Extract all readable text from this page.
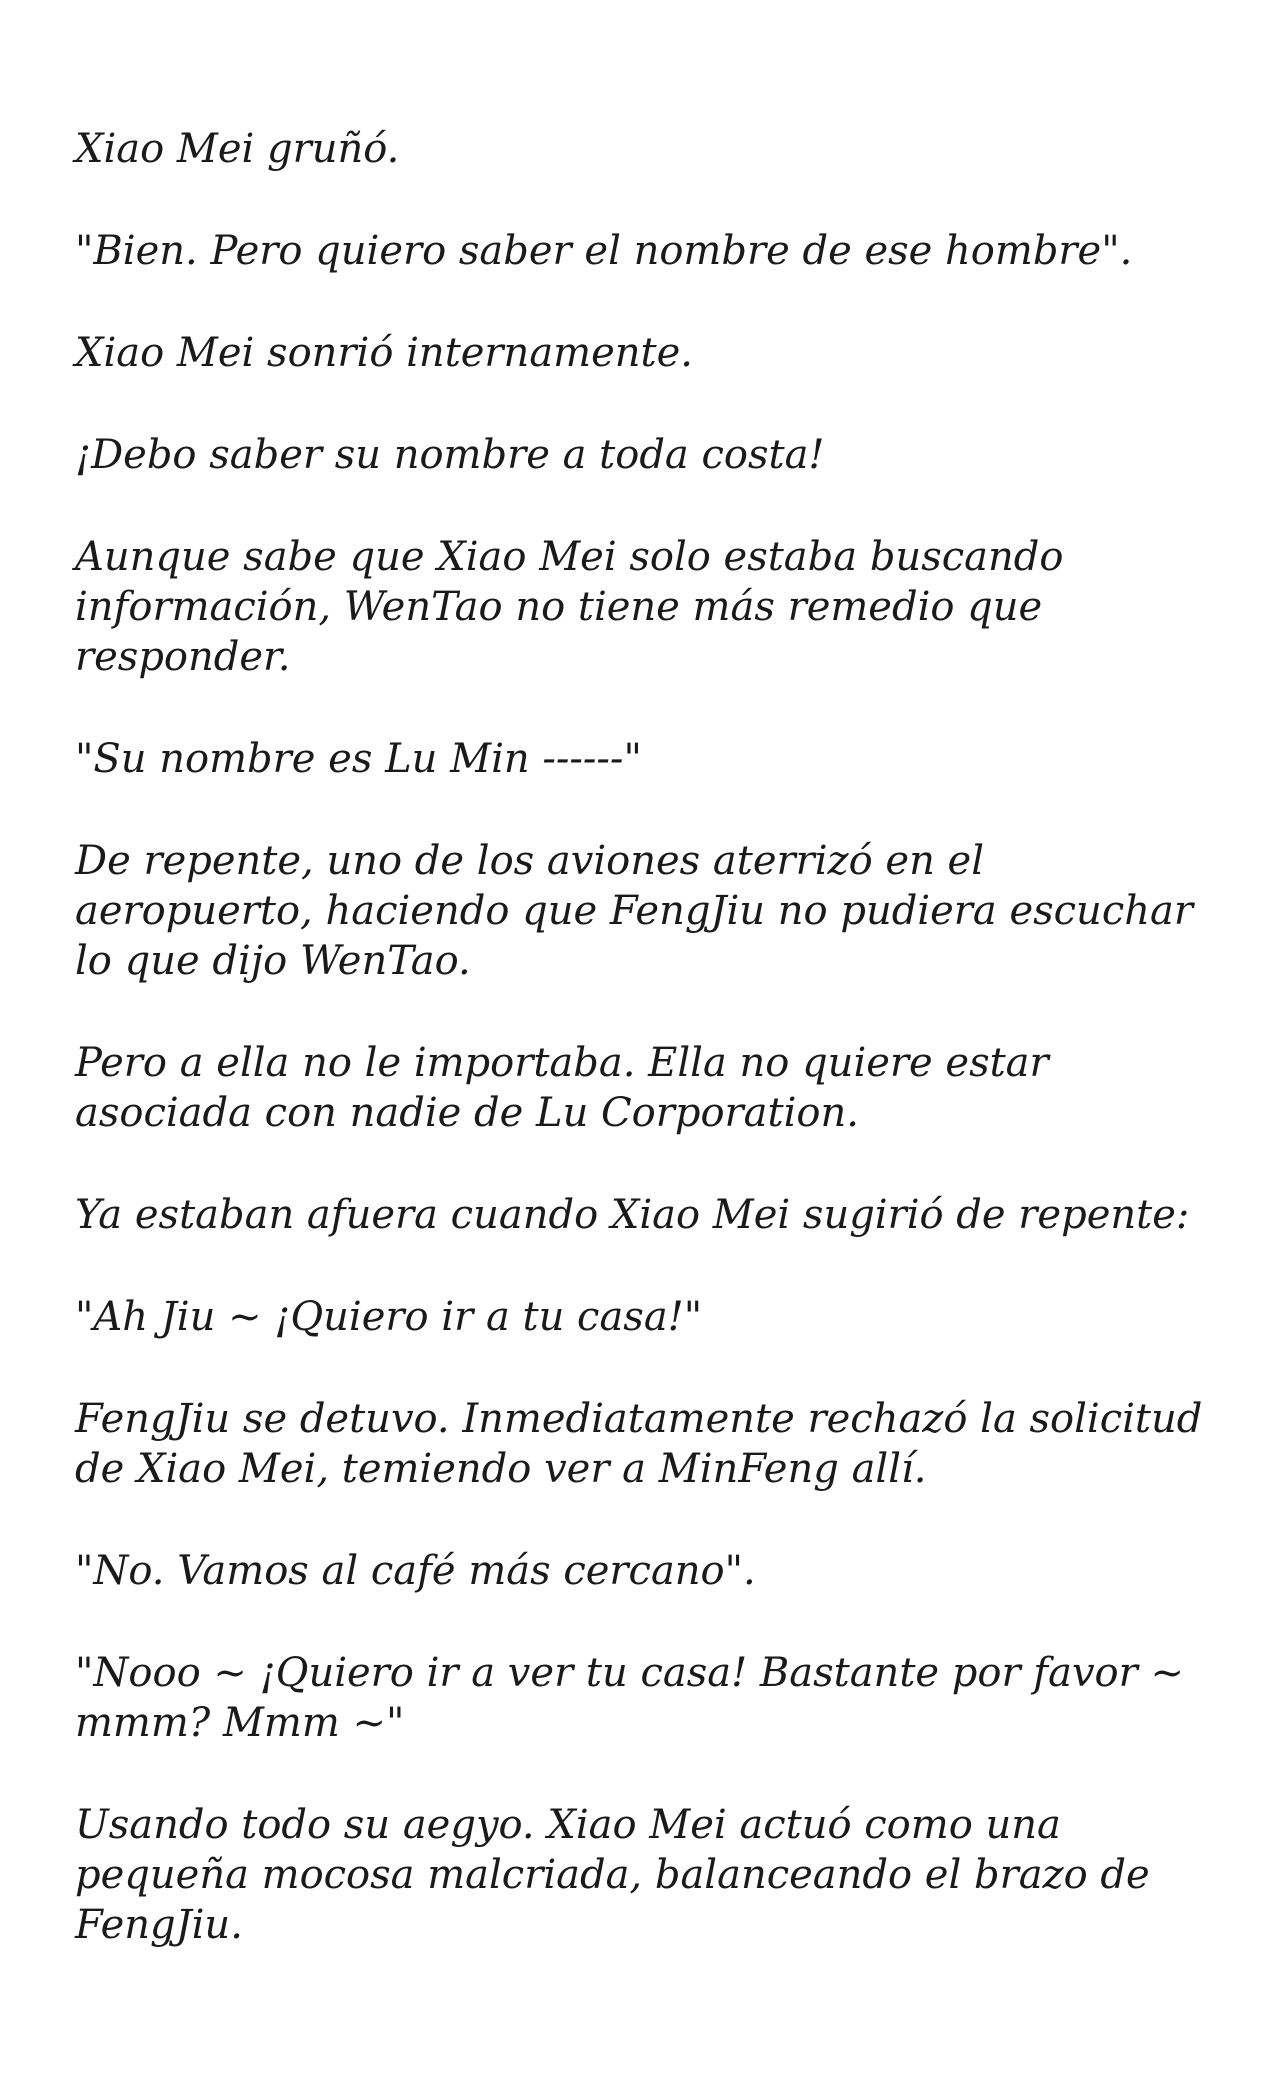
Xiao Mei gruñó.

"Bien. Pero quiero saber el nombre de ese hombre".

Xiao Mei sonrió internamente.

¡Debo saber su nombre a toda costa!

Aunque sabe que Xiao Mei solo estaba buscando información, WenTao no tiene más remedio que responder.

"Su nombre es Lu Min ------"

De repente, uno de los aviones aterrizó en el aeropuerto, haciendo que FengJiu no pudiera escuchar lo que dijo WenTao.

Pero a ella no le importaba. Ella no quiere estar asociada con nadie de Lu Corporation.

Ya estaban afuera cuando Xiao Mei sugirió de repente:

"Ah Jiu ~ ¡Quiero ir a tu casa!"

FengJiu se detuvo. Inmediatamente rechazó la solicitud de Xiao Mei, temiendo ver a MinFeng allí.

"No. Vamos al café más cercano".

"Nooo ~ ¡Quiero ir a ver tu casa! Bastante por favor ~ mmm? Mmm ~"

Usando todo su aegyo. Xiao Mei actuó como una pequeña mocosa malcriada, balanceando el brazo de FengJiu.
